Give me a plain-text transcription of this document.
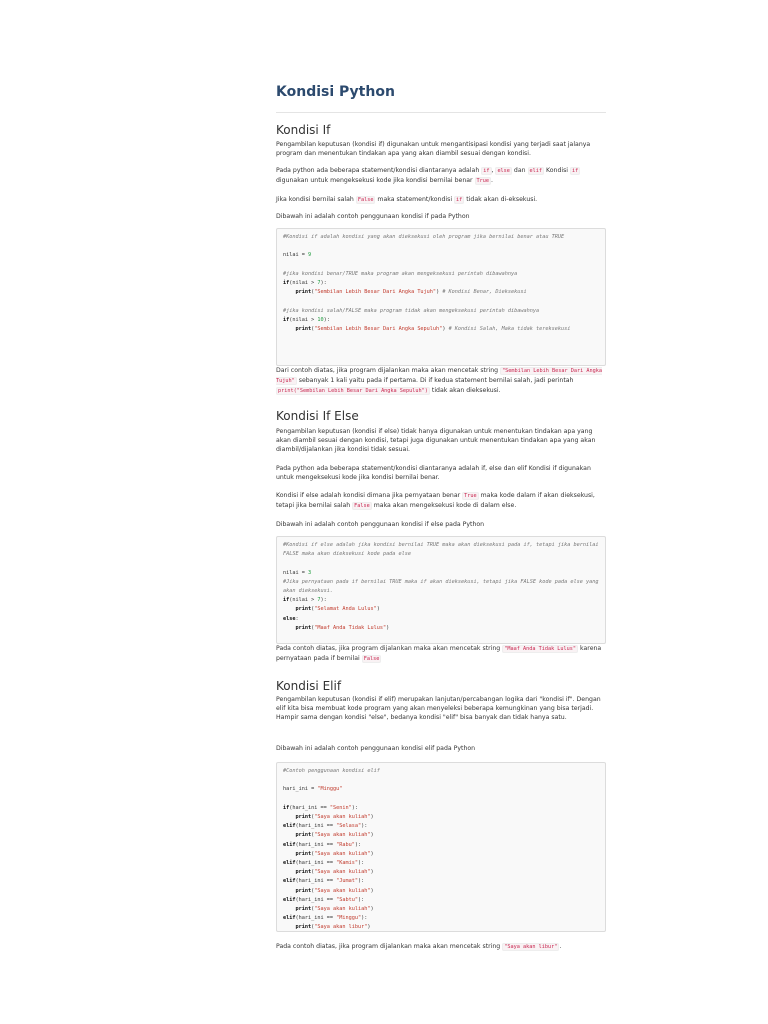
Kondisi Python
Kondisi If

Pengambilan keputusan (kondisi if) digunakan untuk mengantisipasi kondisi yang terjadi saat jalanya program dan menentukan tindakan apa yang akan diambil sesuai dengan kondisi.

Pada python ada beberapa statement/kondisi diantaranya adalah if , else dan elif Kondisi if digunakan untuk mengeksekusi kode jika kondisi bernilai benar True .

Jika kondisi bernilai salah False maka statement/kondisi if tidak akan di-eksekusi.

Dibawah ini adalah contoh penggunaan kondisi if pada Python

#Kondisi if adalah kondisi yang akan dieksekusi oleh program jika bernilai benar atau TRUE

nilai = 9

#jika kondisi benar/TRUE maka program akan mengeksekusi perintah dibawahnya
if(nilai > 7):
print("Sembilan Lebih Besar Dari Angka Tujuh") # Kondisi Benar, Dieksekusi

#jika kondisi salah/FALSE maka program tidak akan mengeksekusi perintah dibawahnya
if(nilai > 10):
print("Sembilan Lebih Besar Dari Angka Sepuluh") # Kondisi Salah, Maka tidak tereksekusi

Dari contoh diatas, jika program dijalankan maka akan mencetak string "Sembilan Lebih Besar Dari Angka Tujuh" sebanyak 1 kali yaitu pada if pertama. Di if kedua statement bernilai salah, jadi perintah print("Sembilan Lebih Besar Dari Angka Sepuluh") tidak akan dieksekusi.

Kondisi If Else

Pengambilan keputusan (kondisi if else) tidak hanya digunakan untuk menentukan tindakan apa yang akan diambil sesuai dengan kondisi, tetapi juga digunakan untuk menentukan tindakan apa yang akan diambil/dijalankan jika kondisi tidak sesuai.

Pada python ada beberapa statement/kondisi diantaranya adalah if, else dan elif Kondisi if digunakan untuk mengeksekusi kode jika kondisi bernilai benar.

Kondisi if else adalah kondisi dimana jika pernyataan benar True maka kode dalam if akan dieksekusi, tetapi jika bernilai salah False maka akan mengeksekusi kode di dalam else.

Dibawah ini adalah contoh penggunaan kondisi if else pada Python

#Kondisi if else adalah jika kondisi bernilai TRUE maka akan dieksekusi pada if, tetapi jika bernilai FALSE maka akan dieksekusi kode pada else

nilai = 3
#Jika pernyataan pada if bernilai TRUE maka if akan dieksekusi, tetapi jika FALSE kode pada else yang akan dieksekusi.
if(nilai > 7):
print("Selamat Anda Lulus")
else:
print("Maaf Anda Tidak Lulus")

Pada contoh diatas, jika program dijalankan maka akan mencetak string "Maaf Anda Tidak Lulus" karena pernyataan pada if bernilai False

Kondisi Elif

Pengambilan keputusan (kondisi if elif) merupakan lanjutan/percabangan logika dari "kondisi if". Dengan elif kita bisa membuat kode program yang akan menyeleksi beberapa kemungkinan yang bisa terjadi. Hampir sama dengan kondisi "else", bedanya kondisi "elif" bisa banyak dan tidak hanya satu.

Dibawah ini adalah contoh penggunaan kondisi elif pada Python

#Contoh penggunaan kondisi elif

hari_ini = "Minggu"

if(hari_ini == "Senin"):
print("Saya akan kuliah")
elif(hari_ini == "Selasa"):
print("Saya akan kuliah")
elif(hari_ini == "Rabu"):
print("Saya akan kuliah")
elif(hari_ini == "Kamis"):
print("Saya akan kuliah")
elif(hari_ini == "Jumat"):
print("Saya akan kuliah")
elif(hari_ini == "Sabtu"):
print("Saya akan kuliah")
elif(hari_ini == "Minggu"):
print("Saya akan libur")

Pada contoh diatas, jika program dijalankan maka akan mencetak string "Saya akan libur" .
